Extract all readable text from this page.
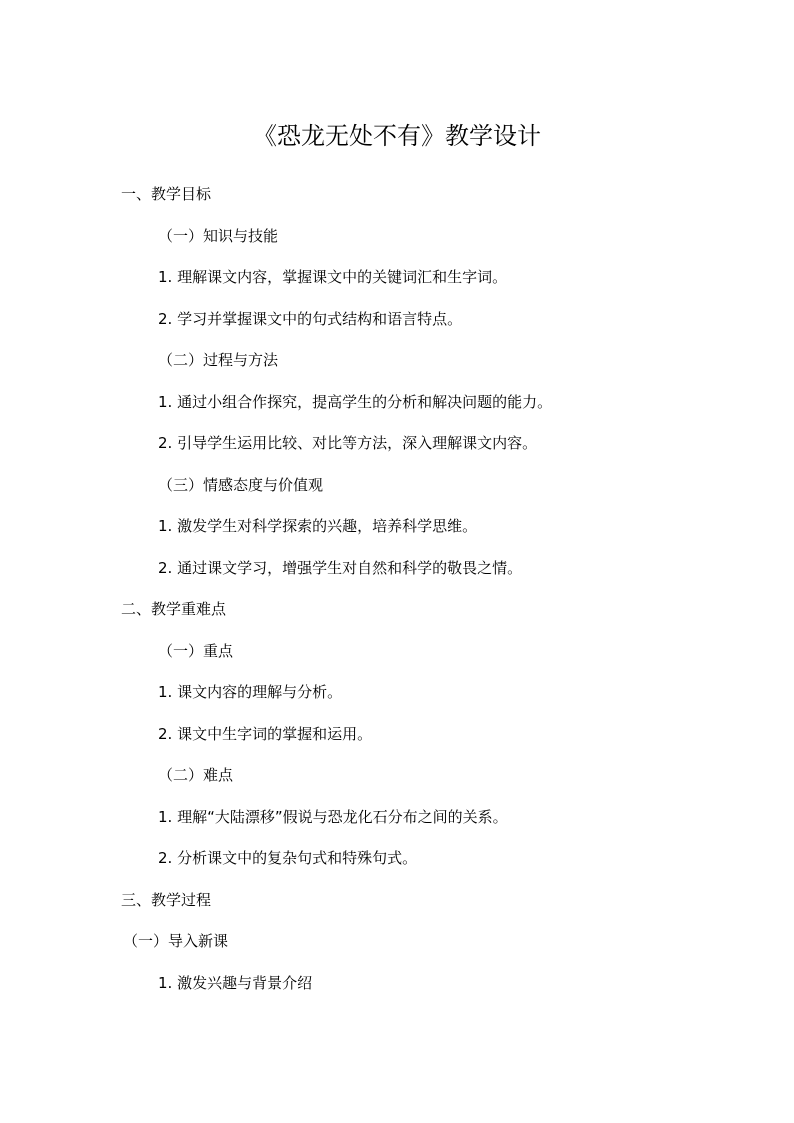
《恐龙无处不有》教学设计
一、教学目标
（一）知识与技能
1. 理解课文内容，掌握课文中的关键词汇和生字词。
2. 学习并掌握课文中的句式结构和语言特点。
（二）过程与方法
1. 通过小组合作探究，提高学生的分析和解决问题的能力。
2. 引导学生运用比较、对比等方法，深入理解课文内容。
（三）情感态度与价值观
1. 激发学生对科学探索的兴趣，培养科学思维。
2. 通过课文学习，增强学生对自然和科学的敬畏之情。
二、教学重难点
（一）重点
1. 课文内容的理解与分析。
2. 课文中生字词的掌握和运用。
（二）难点
1. 理解“大陆漂移”假说与恐龙化石分布之间的关系。
2. 分析课文中的复杂句式和特殊句式。
三、教学过程
（一）导入新课
1. 激发兴趣与背景介绍
